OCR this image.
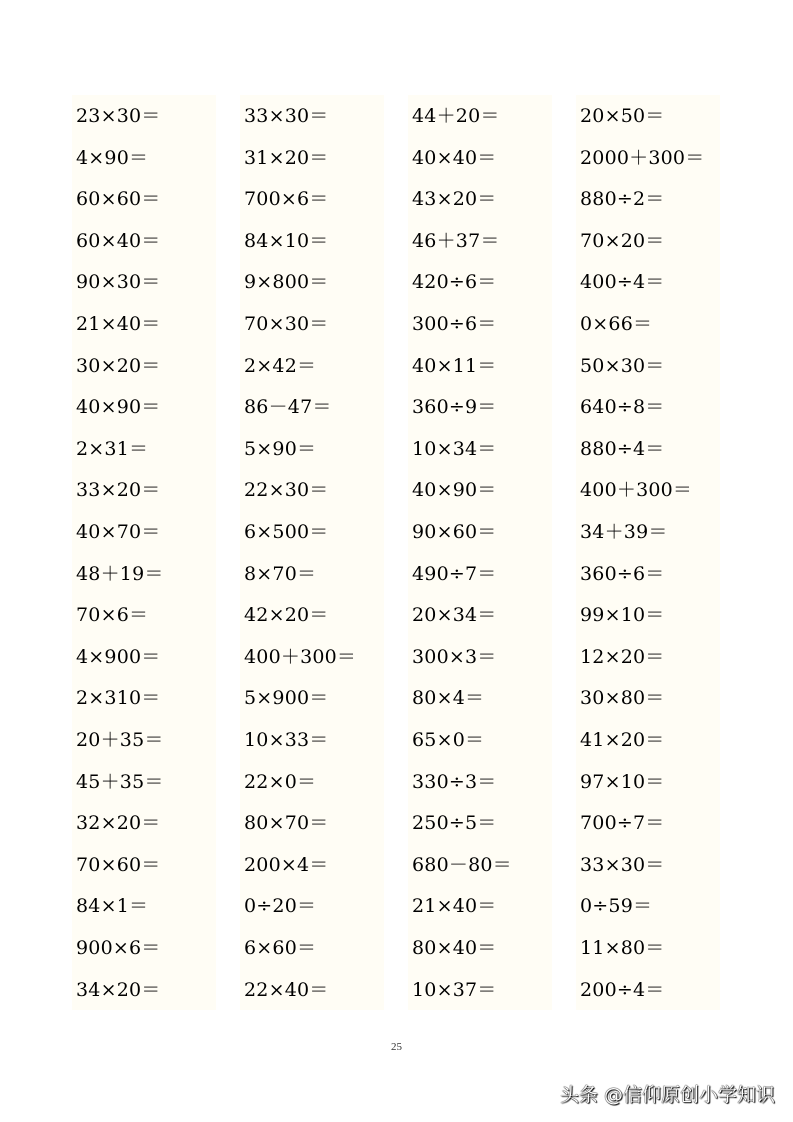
23×30＝
4×90＝
60×60＝
60×40＝
90×30＝
21×40＝
30×20＝
40×90＝
2×31＝
33×20＝
40×70＝
48＋19＝
70×6＝
4×900＝
2×310＝
20＋35＝
45＋35＝
32×20＝
70×60＝
84×1＝
900×6＝
34×20＝
33×30＝
31×20＝
700×6＝
84×10＝
9×800＝
70×30＝
2×42＝
86－47＝
5×90＝
22×30＝
6×500＝
8×70＝
42×20＝
400＋300＝
5×900＝
10×33＝
22×0＝
80×70＝
200×4＝
0÷20＝
6×60＝
22×40＝
44＋20＝
40×40＝
43×20＝
46＋37＝
420÷6＝
300÷6＝
40×11＝
360÷9＝
10×34＝
40×90＝
90×60＝
490÷7＝
20×34＝
300×3＝
80×4＝
65×0＝
330÷3＝
250÷5＝
680－80＝
21×40＝
80×40＝
10×37＝
20×50＝
2000＋300＝
880÷2＝
70×20＝
400÷4＝
0×66＝
50×30＝
640÷8＝
880÷4＝
400＋300＝
34＋39＝
360÷6＝
99×10＝
12×20＝
30×80＝
41×20＝
97×10＝
700÷7＝
33×30＝
0÷59＝
11×80＝
200÷4＝
25
头条 @信仰原创小学知识
